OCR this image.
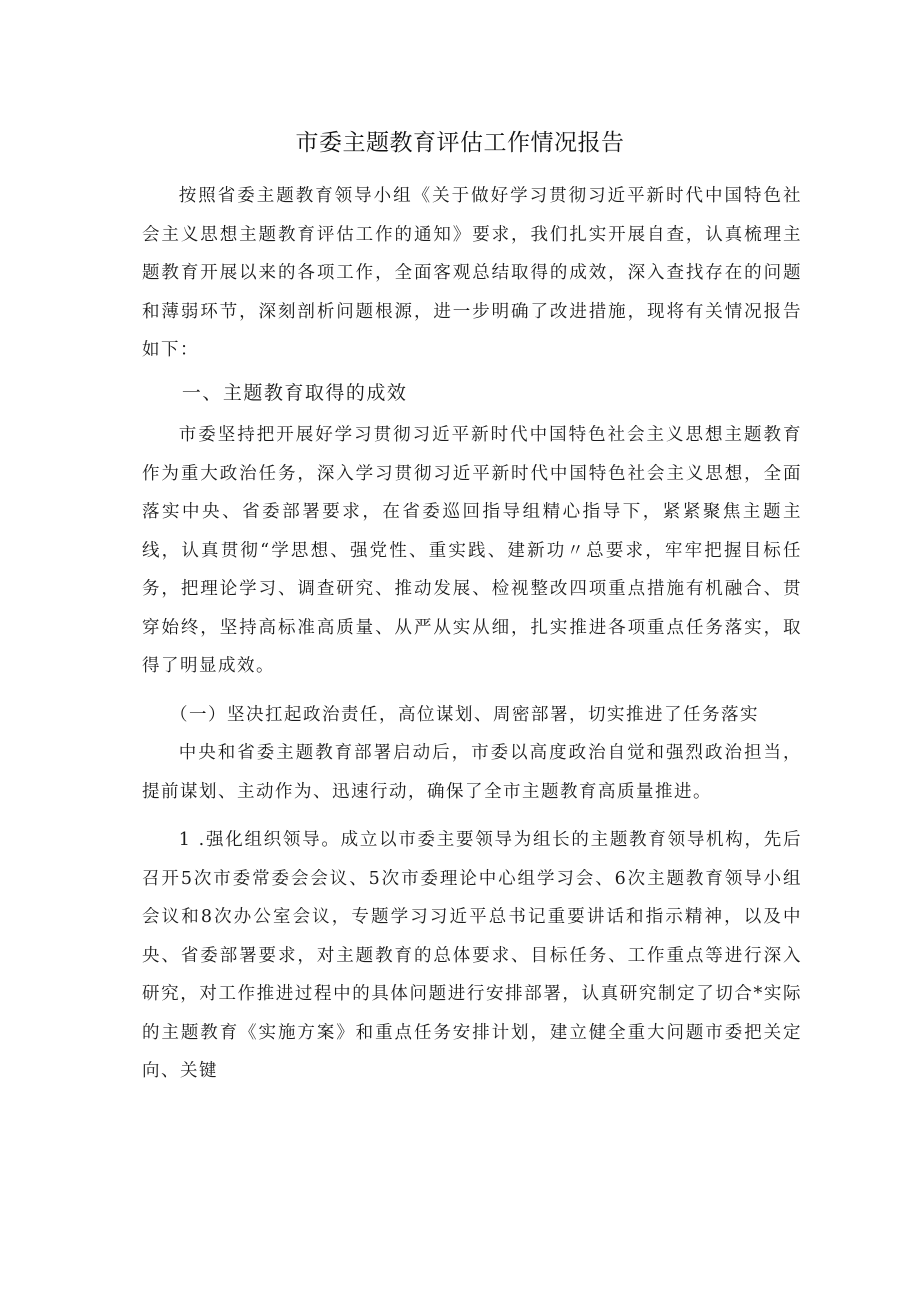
市委主题教育评估工作情况报告

按照省委主题教育领导小组《关于做好学习贯彻习近平新时代中国特色社会主义思想主题教育评估工作的通知》要求，我们扎实开展自查，认真梳理主题教育开展以来的各项工作，全面客观总结取得的成效，深入查找存在的问题和薄弱环节，深刻剖析问题根源，进一步明确了改进措施，现将有关情况报告如下：

一、主题教育取得的成效

市委坚持把开展好学习贯彻习近平新时代中国特色社会主义思想主题教育作为重大政治任务，深入学习贯彻习近平新时代中国特色社会主义思想，全面落实中央、省委部署要求，在省委巡回指导组精心指导下，紧紧聚焦主题主线，认真贯彻“学思想、强党性、重实践、建新功〃总要求，牢牢把握目标任务，把理论学习、调查研究、推动发展、检视整改四项重点措施有机融合、贯穿始终，坚持高标准高质量、从严从实从细，扎实推进各项重点任务落实，取得了明显成效。

（一）坚决扛起政治责任，高位谋划、周密部署，切实推进了任务落实

中央和省委主题教育部署启动后，市委以高度政治自觉和强烈政治担当，提前谋划、主动作为、迅速行动，确保了全市主题教育高质量推进。

1 .强化组织领导。成立以市委主要领导为组长的主题教育领导机构，先后召开5次市委常委会会议、5次市委理论中心组学习会、6次主题教育领导小组会议和8次办公室会议，专题学习习近平总书记重要讲话和指示精神，以及中央、省委部署要求，对主题教育的总体要求、目标任务、工作重点等进行深入研究，对工作推进过程中的具体问题进行安排部署，认真研究制定了切合*实际的主题教育《实施方案》和重点任务安排计划，建立健全重大问题市委把关定向、关键
